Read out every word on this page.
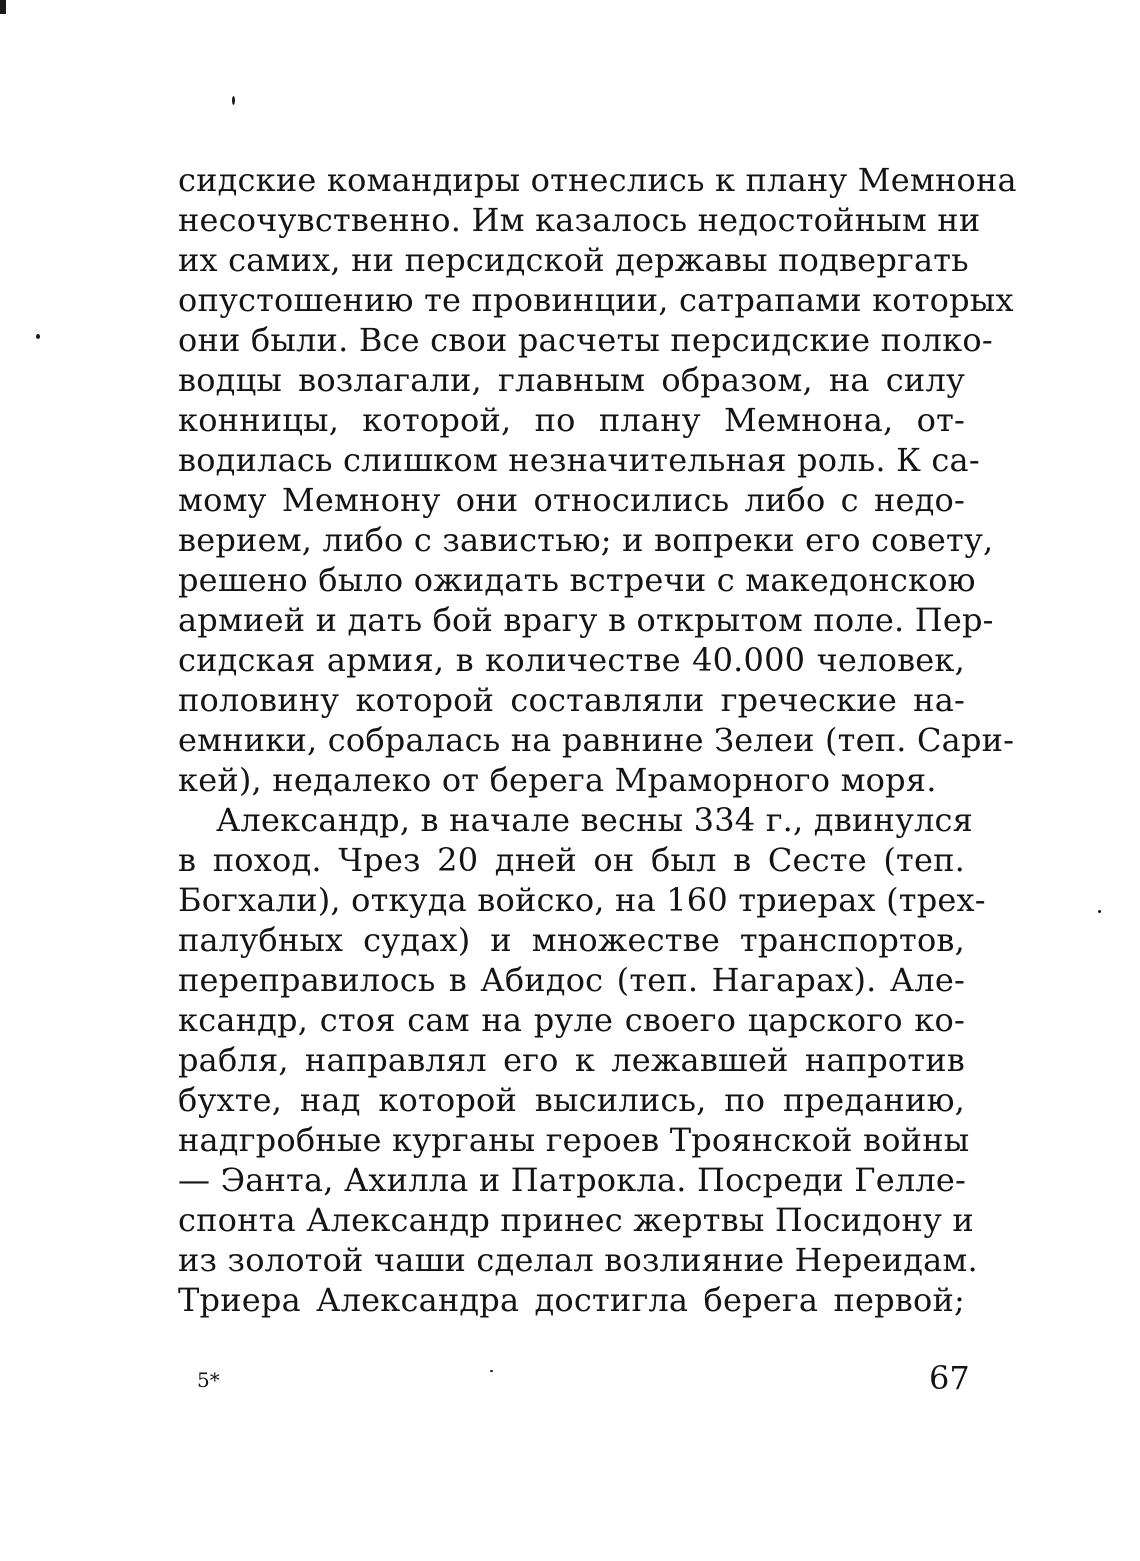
сидские командиры отнеслись к плану Мемнона
несочувственно. Им казалось недостойным ни
их самих, ни персидской державы подвергать
опустошению те провинции, сатрапами которых
они были. Все свои расчеты персидские полко-
водцы возлагали, главным образом, на силу
конницы, которой, по плану Мемнона, от-
водилась слишком незначительная роль. К са-
мому Мемнону они относились либо с недо-
верием, либо с завистью; и вопреки его совету,
решено было ожидать встречи с македонскою
армией и дать бой врагу в открытом поле. Пер-
сидская армия, в количестве 40.000 человек,
половину которой составляли греческие на-
емники, собралась на равнине Зелеи (теп. Сари-
кей), недалеко от берега Мраморного моря.
Александр, в начале весны 334 г., двинулся
в поход. Чрез 20 дней он был в Сесте (теп.
Богхали), откуда войско, на 160 триерах (трех-
палубных судах) и множестве транспортов,
переправилось в Абидос (теп. Нагарах). Але-
ксандр, стоя сам на руле своего царского ко-
рабля, направлял его к лежавшей напротив
бухте, над которой высились, по преданию,
надгробные курганы героев Троянской войны
— Эанта, Ахилла и Патрокла. Посреди Гелле-
спонта Александр принес жертвы Посидону и
из золотой чаши сделал возлияние Нереидам.
Триера Александра достигла берега первой;
5*	67
